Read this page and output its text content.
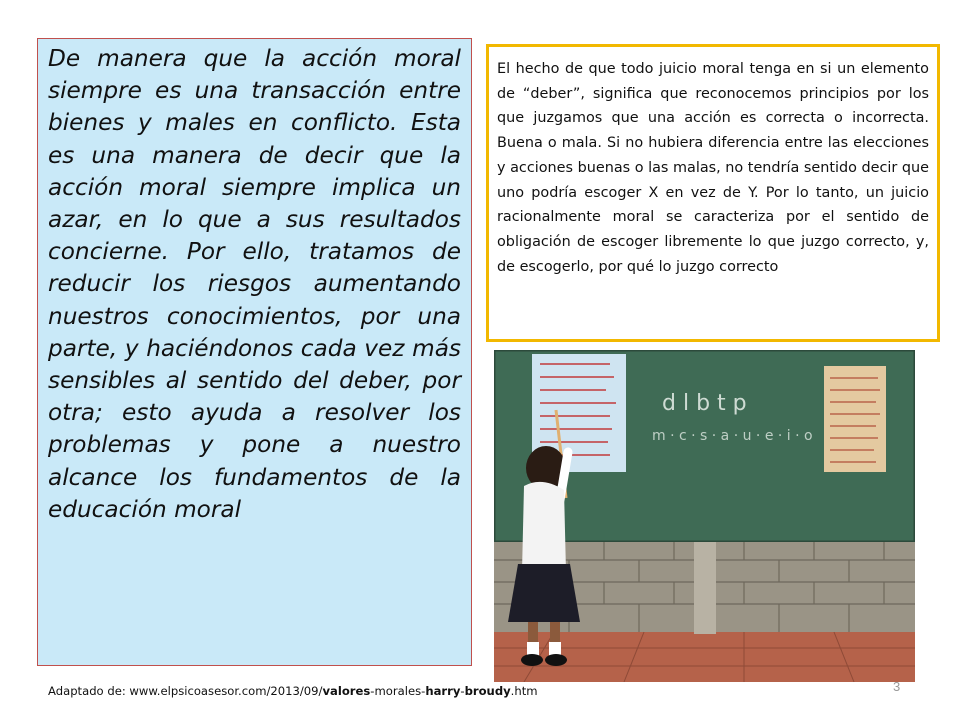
De manera que la acción moral siempre es una transacción entre bienes y males en conflicto. Esta es una manera de decir que la acción moral siempre implica un azar, en lo que a sus resultados concierne. Por ello, tratamos de reducir los riesgos aumentando nuestros conocimientos, por una parte, y haciéndonos cada vez más sensibles al sentido del deber, por otra; esto ayuda a resolver los problemas y pone a nuestro alcance los fundamentos de la educación moral

El hecho de que todo juicio moral tenga en si un elemento de “deber”, significa que reconocemos principios por los que juzgamos que una acción es correcta o incorrecta. Buena o mala. Si no hubiera diferencia entre las elecciones y acciones buenas o las malas, no tendría sentido decir que uno podría escoger X en vez de Y. Por lo tanto, un juicio racionalmente moral se caracteriza por el sentido de obligación de escoger libremente lo que juzgo correcto, y, de escogerlo, por qué lo juzgo correcto

d l b t p
m · c · s · a · u · e · i · o
Adaptado de: www.elpsicoasesor.com/2013/09/valores-morales-harry-broudy.htm	3
